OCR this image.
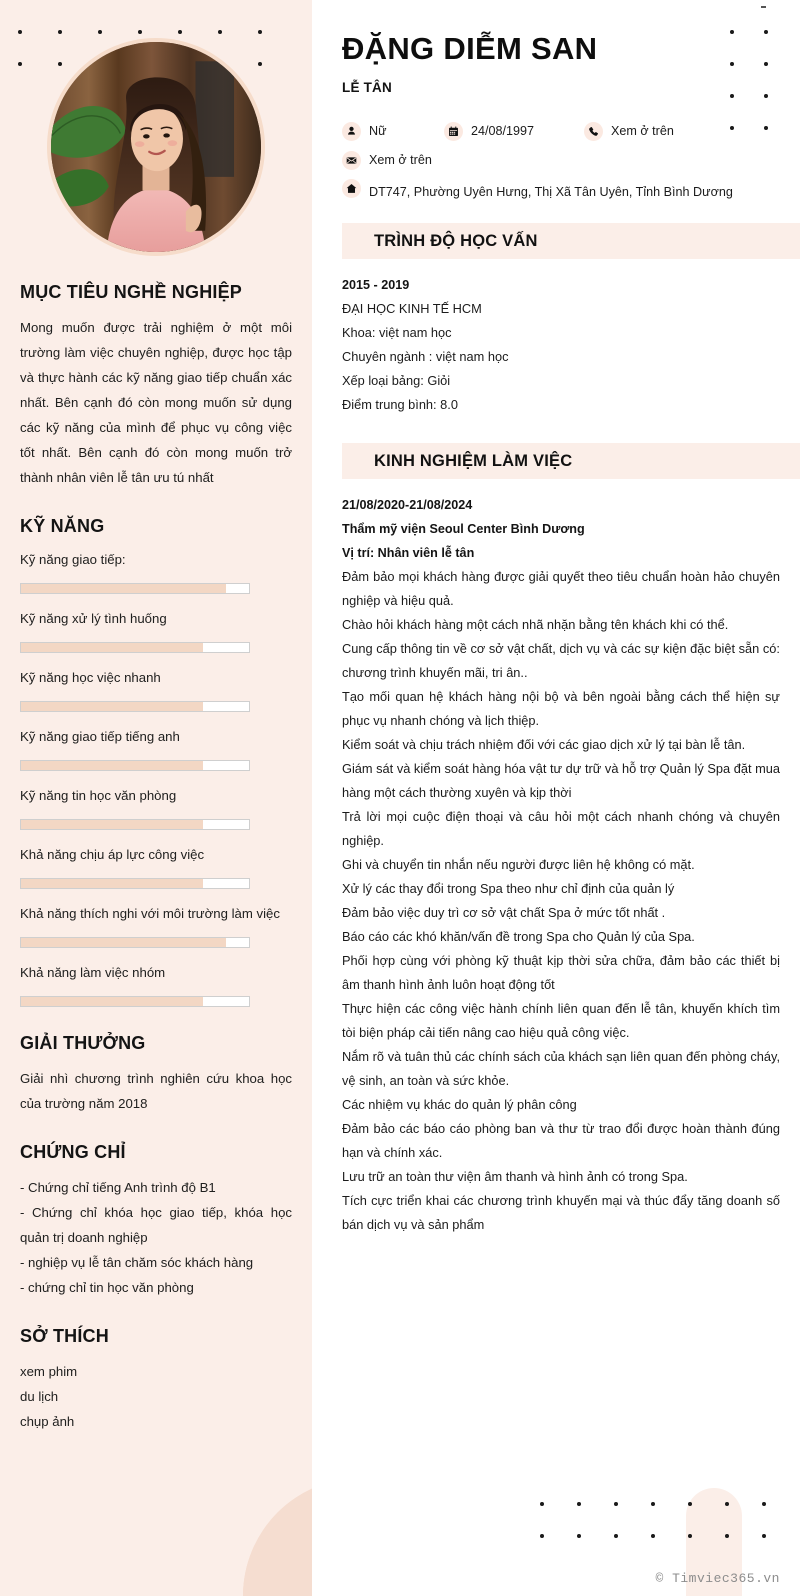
MỤC TIÊU NGHỀ NGHIỆP

Mong muốn được trải nghiệm ở một môi trường làm việc chuyên nghiệp, được học tập và thực hành các kỹ năng giao tiếp chuẩn xác nhất. Bên cạnh đó còn mong muốn sử dụng các kỹ năng của mình để phục vụ công việc tốt nhất. Bên cạnh đó còn mong muốn trở thành nhân viên lễ tân ưu tú nhất

KỸ NĂNG
Kỹ năng giao tiếp:
Kỹ năng xử lý tình huống
Kỹ năng học việc nhanh
Kỹ năng giao tiếp tiếng anh
Kỹ năng tin học văn phòng
Khả năng chịu áp lực công việc
Khả năng thích nghi với môi trường làm việc
Khả năng làm việc nhóm
GIẢI THƯỞNG

Giải nhì chương trình nghiên cứu khoa học của trường năm 2018

CHỨNG CHỈ
- Chứng chỉ tiếng Anh trình độ B1
- Chứng chỉ khóa học giao tiếp, khóa học quản trị doanh nghiệp
- nghiệp vụ lễ tân chăm sóc khách hàng
- chứng chỉ tin học văn phòng
SỞ THÍCH
xem phim
du lịch
chụp ảnh
ĐẶNG DIỄM SAN
LỄ TÂN
Nữ	24/08/1997	Xem ở trên
Xem ở trên
DT747, Phường Uyên Hưng, Thị Xã Tân Uyên, Tỉnh Bình Dương
TRÌNH ĐỘ HỌC VẤN
2015 - 2019
ĐẠI HỌC KINH TẾ HCM
Khoa: việt nam học
Chuyên ngành : việt nam học
Xếp loại bảng: Giỏi
Điểm trung bình: 8.0
KINH NGHIỆM LÀM VIỆC
21/08/2020-21/08/2024
Thẩm mỹ viện Seoul Center Bình Dương
Vị trí: Nhân viên lễ tân
Đảm bảo mọi khách hàng được giải quyết theo tiêu chuẩn hoàn hảo chuyên nghiệp và hiệu quả.
Chào hỏi khách hàng một cách nhã nhặn bằng tên khách khi có thể.
Cung cấp thông tin về cơ sở vật chất, dịch vụ và các sự kiện đặc biệt sẵn có: chương trình khuyến mãi, tri ân..
Tạo mối quan hệ khách hàng nội bộ và bên ngoài bằng cách thể hiện sự phục vụ nhanh chóng và lịch thiệp.
Kiểm soát và chịu trách nhiệm đối với các giao dịch xử lý tại bàn lễ tân.
Giám sát và kiểm soát hàng hóa vật tư dự trữ và hỗ trợ Quản lý Spa đặt mua hàng một cách thường xuyên và kịp thời
Trả lời mọi cuộc điện thoại và câu hỏi một cách nhanh chóng và chuyên nghiệp.
Ghi và chuyển tin nhắn nếu người được liên hệ không có mặt.
Xử lý các thay đổi trong Spa theo như chỉ định của quản lý
Đảm bảo việc duy trì cơ sở vật chất Spa ở mức tốt nhất .
Báo cáo các khó khăn/vấn đề trong Spa cho Quản lý của Spa.
Phối hợp cùng với phòng kỹ thuật kịp thời sửa chữa, đảm bảo các thiết bị âm thanh hình ảnh luôn hoạt động tốt
Thực hiện các công việc hành chính liên quan đến lễ tân, khuyến khích tìm tòi biện pháp cải tiến nâng cao hiệu quả công việc.
Nắm rõ và tuân thủ các chính sách của khách sạn liên quan đến phòng cháy, vệ sinh, an toàn và sức khỏe.
Các nhiệm vụ khác do quản lý phân công
Đảm bảo các báo cáo phòng ban và thư từ trao đổi được hoàn thành đúng hạn và chính xác.
Lưu trữ an toàn thư viện âm thanh và hình ảnh có trong Spa.
Tích cực triển khai các chương trình khuyến mại và thúc đẩy tăng doanh số bán dịch vụ và sản phẩm
© Timviec365.vn
